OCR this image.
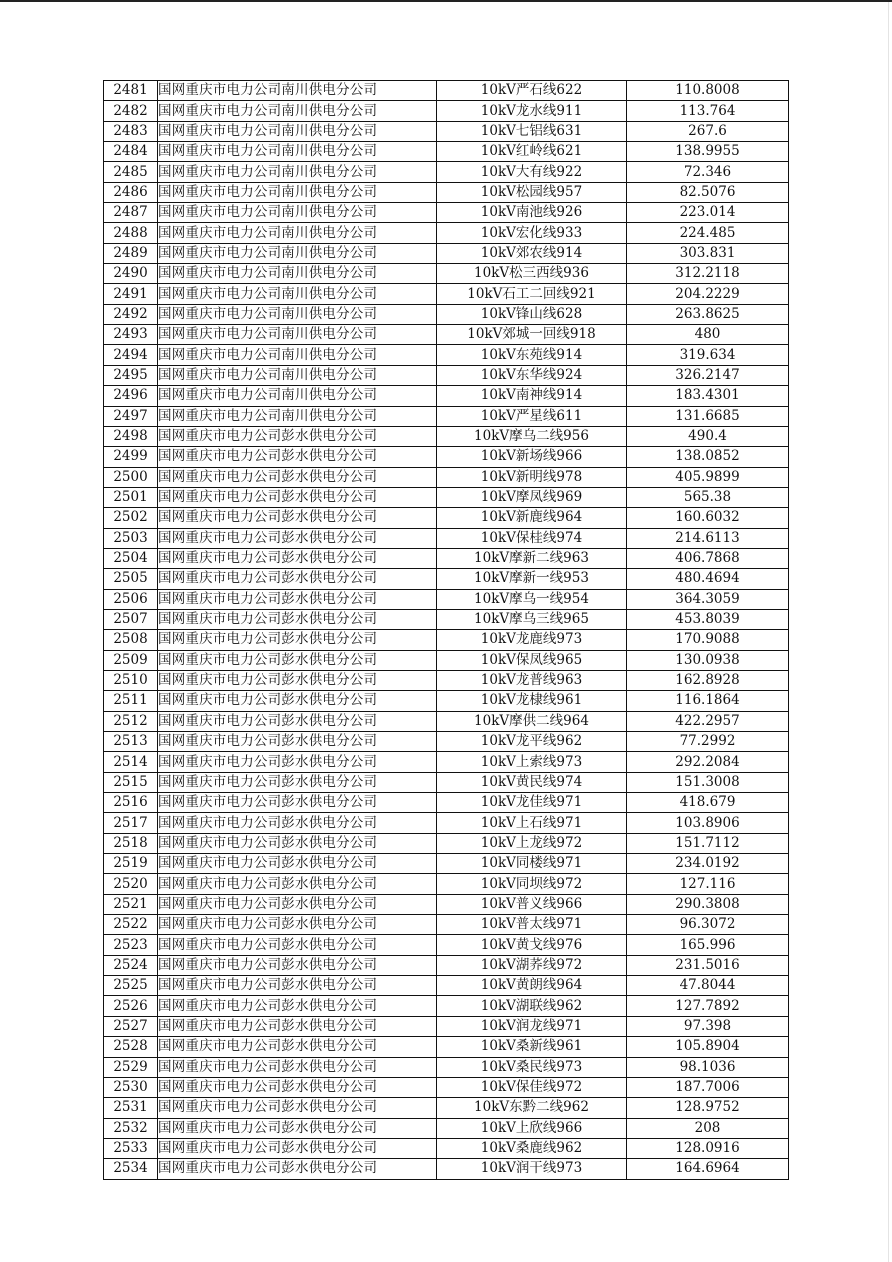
2481	国网重庆市电力公司南川供电分公司	10kV严石线622	110.8008
2482	国网重庆市电力公司南川供电分公司	10kV龙水线911	113.764
2483	国网重庆市电力公司南川供电分公司	10kV七铝线631	267.6
2484	国网重庆市电力公司南川供电分公司	10kV红岭线621	138.9955
2485	国网重庆市电力公司南川供电分公司	10kV大有线922	72.346
2486	国网重庆市电力公司南川供电分公司	10kV松园线957	82.5076
2487	国网重庆市电力公司南川供电分公司	10kV南池线926	223.014
2488	国网重庆市电力公司南川供电分公司	10kV宏化线933	224.485
2489	国网重庆市电力公司南川供电分公司	10kV郊农线914	303.831
2490	国网重庆市电力公司南川供电分公司	10kV松三西线936	312.2118
2491	国网重庆市电力公司南川供电分公司	10kV石工二回线921	204.2229
2492	国网重庆市电力公司南川供电分公司	10kV锋山线628	263.8625
2493	国网重庆市电力公司南川供电分公司	10kV郊城一回线918	480
2494	国网重庆市电力公司南川供电分公司	10kV东苑线914	319.634
2495	国网重庆市电力公司南川供电分公司	10kV东华线924	326.2147
2496	国网重庆市电力公司南川供电分公司	10kV南神线914	183.4301
2497	国网重庆市电力公司南川供电分公司	10kV严星线611	131.6685
2498	国网重庆市电力公司彭水供电分公司	10kV摩乌二线956	490.4
2499	国网重庆市电力公司彭水供电分公司	10kV新场线966	138.0852
2500	国网重庆市电力公司彭水供电分公司	10kV新明线978	405.9899
2501	国网重庆市电力公司彭水供电分公司	10kV摩凤线969	565.38
2502	国网重庆市电力公司彭水供电分公司	10kV新鹿线964	160.6032
2503	国网重庆市电力公司彭水供电分公司	10kV保桂线974	214.6113
2504	国网重庆市电力公司彭水供电分公司	10kV摩新二线963	406.7868
2505	国网重庆市电力公司彭水供电分公司	10kV摩新一线953	480.4694
2506	国网重庆市电力公司彭水供电分公司	10kV摩乌一线954	364.3059
2507	国网重庆市电力公司彭水供电分公司	10kV摩乌三线965	453.8039
2508	国网重庆市电力公司彭水供电分公司	10kV龙鹿线973	170.9088
2509	国网重庆市电力公司彭水供电分公司	10kV保凤线965	130.0938
2510	国网重庆市电力公司彭水供电分公司	10kV龙普线963	162.8928
2511	国网重庆市电力公司彭水供电分公司	10kV龙棣线961	116.1864
2512	国网重庆市电力公司彭水供电分公司	10kV摩供二线964	422.2957
2513	国网重庆市电力公司彭水供电分公司	10kV龙平线962	77.2992
2514	国网重庆市电力公司彭水供电分公司	10kV上索线973	292.2084
2515	国网重庆市电力公司彭水供电分公司	10kV黄民线974	151.3008
2516	国网重庆市电力公司彭水供电分公司	10kV龙佳线971	418.679
2517	国网重庆市电力公司彭水供电分公司	10kV上石线971	103.8906
2518	国网重庆市电力公司彭水供电分公司	10kV上龙线972	151.7112
2519	国网重庆市电力公司彭水供电分公司	10kV同楼线971	234.0192
2520	国网重庆市电力公司彭水供电分公司	10kV同坝线972	127.116
2521	国网重庆市电力公司彭水供电分公司	10kV普义线966	290.3808
2522	国网重庆市电力公司彭水供电分公司	10kV普太线971	96.3072
2523	国网重庆市电力公司彭水供电分公司	10kV黄戈线976	165.996
2524	国网重庆市电力公司彭水供电分公司	10kV湖荞线972	231.5016
2525	国网重庆市电力公司彭水供电分公司	10kV黄朗线964	47.8044
2526	国网重庆市电力公司彭水供电分公司	10kV湖联线962	127.7892
2527	国网重庆市电力公司彭水供电分公司	10kV润龙线971	97.398
2528	国网重庆市电力公司彭水供电分公司	10kV桑新线961	105.8904
2529	国网重庆市电力公司彭水供电分公司	10kV桑民线973	98.1036
2530	国网重庆市电力公司彭水供电分公司	10kV保佳线972	187.7006
2531	国网重庆市电力公司彭水供电分公司	10kV东黔二线962	128.9752
2532	国网重庆市电力公司彭水供电分公司	10kV上欣线966	208
2533	国网重庆市电力公司彭水供电分公司	10kV桑鹿线962	128.0916
2534	国网重庆市电力公司彭水供电分公司	10kV润干线973	164.6964
